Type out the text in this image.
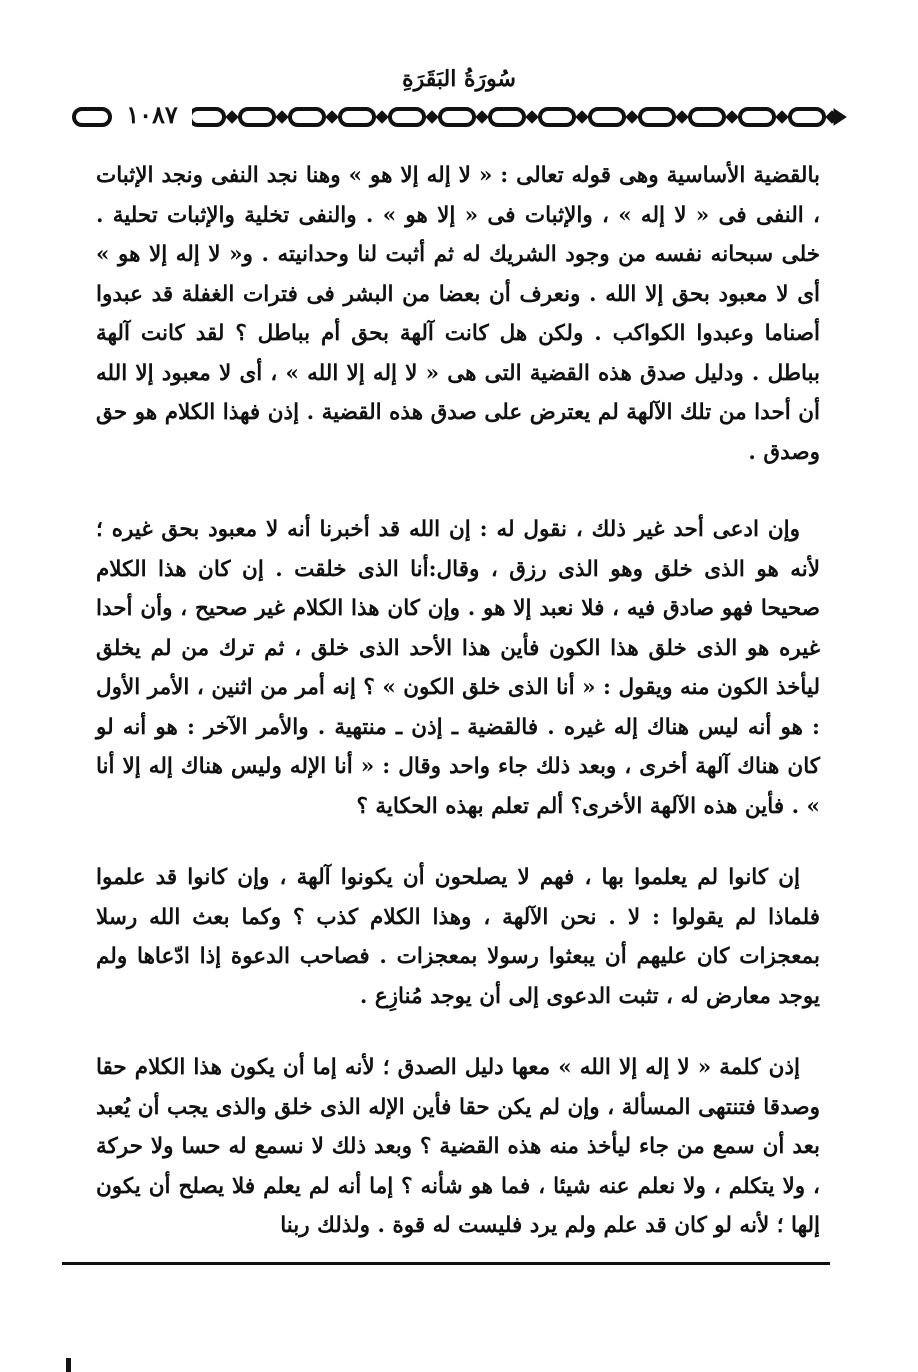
سُورَةُ البَقَرَةِ
١٠٨٧

بالقضية الأساسية وهى قوله تعالى : « لا إله إلا هو » وهنا نجد النفى ونجد الإثبات ، النفى فى « لا إله » ، والإثبات فى « إلا هو » . والنفى تخلية والإثبات تحلية . خلى سبحانه نفسه من وجود الشريك له ثم أثبت لنا وحدانيته . و« لا إله إلا هو » أى لا معبود بحق إلا الله . ونعرف أن بعضا من البشر فى فترات الغفلة قد عبدوا أصناما وعبدوا الكواكب . ولكن هل كانت آلهة بحق أم بباطل ؟ لقد كانت آلهة بباطل . ودليل صدق هذه القضية التى هى « لا إله إلا الله » ، أى لا معبود إلا الله أن أحدا من تلك الآلهة لم يعترض على صدق هذه القضية . إذن فهذا الكلام هو حق وصدق .

وإن ادعى أحد غير ذلك ، نقول له : إن الله قد أخبرنا أنه لا معبود بحق غيره ؛ لأنه هو الذى خلق وهو الذى رزق ، وقال:أنا الذى خلقت . إن كان هذا الكلام صحيحا فهو صادق فيه ، فلا نعبد إلا هو . وإن كان هذا الكلام غير صحيح ، وأن أحدا غيره هو الذى خلق هذا الكون فأين هذا الأحد الذى خلق ، ثم ترك من لم يخلق ليأخذ الكون منه ويقول : « أنا الذى خلق الكون » ؟ إنه أمر من اثنين ، الأمر الأول : هو أنه ليس هناك إله غيره . فالقضية ـ إذن ـ منتهية . والأمر الآخر : هو أنه لو كان هناك آلهة أخرى ، وبعد ذلك جاء واحد وقال : « أنا الإله وليس هناك إله إلا أنا » . فأين هذه الآلهة الأخرى؟ ألم تعلم بهذه الحكاية ؟

إن كانوا لم يعلموا بها ، فهم لا يصلحون أن يكونوا آلهة ، وإن كانوا قد علموا فلماذا لم يقولوا : لا . نحن الآلهة ، وهذا الكلام كذب ؟ وكما بعث الله رسلا بمعجزات كان عليهم أن يبعثوا رسولا بمعجزات . فصاحب الدعوة إذا ادّعاها ولم يوجد معارض له ، تثبت الدعوى إلى أن يوجد مُنازِع .

إذن كلمة « لا إله إلا الله » معها دليل الصدق ؛ لأنه إما أن يكون هذا الكلام حقا وصدقا فتنتهى المسألة ، وإن لم يكن حقا فأين الإله الذى خلق والذى يجب أن يُعبد بعد أن سمع من جاء ليأخذ منه هذه القضية ؟ وبعد ذلك لا نسمع له حسا ولا حركة ، ولا يتكلم ، ولا نعلم عنه شيئا ، فما هو شأنه ؟ إما أنه لم يعلم فلا يصلح أن يكون إلها ؛ لأنه لو كان قد علم ولم يرد فليست له قوة . ولذلك ربنا
